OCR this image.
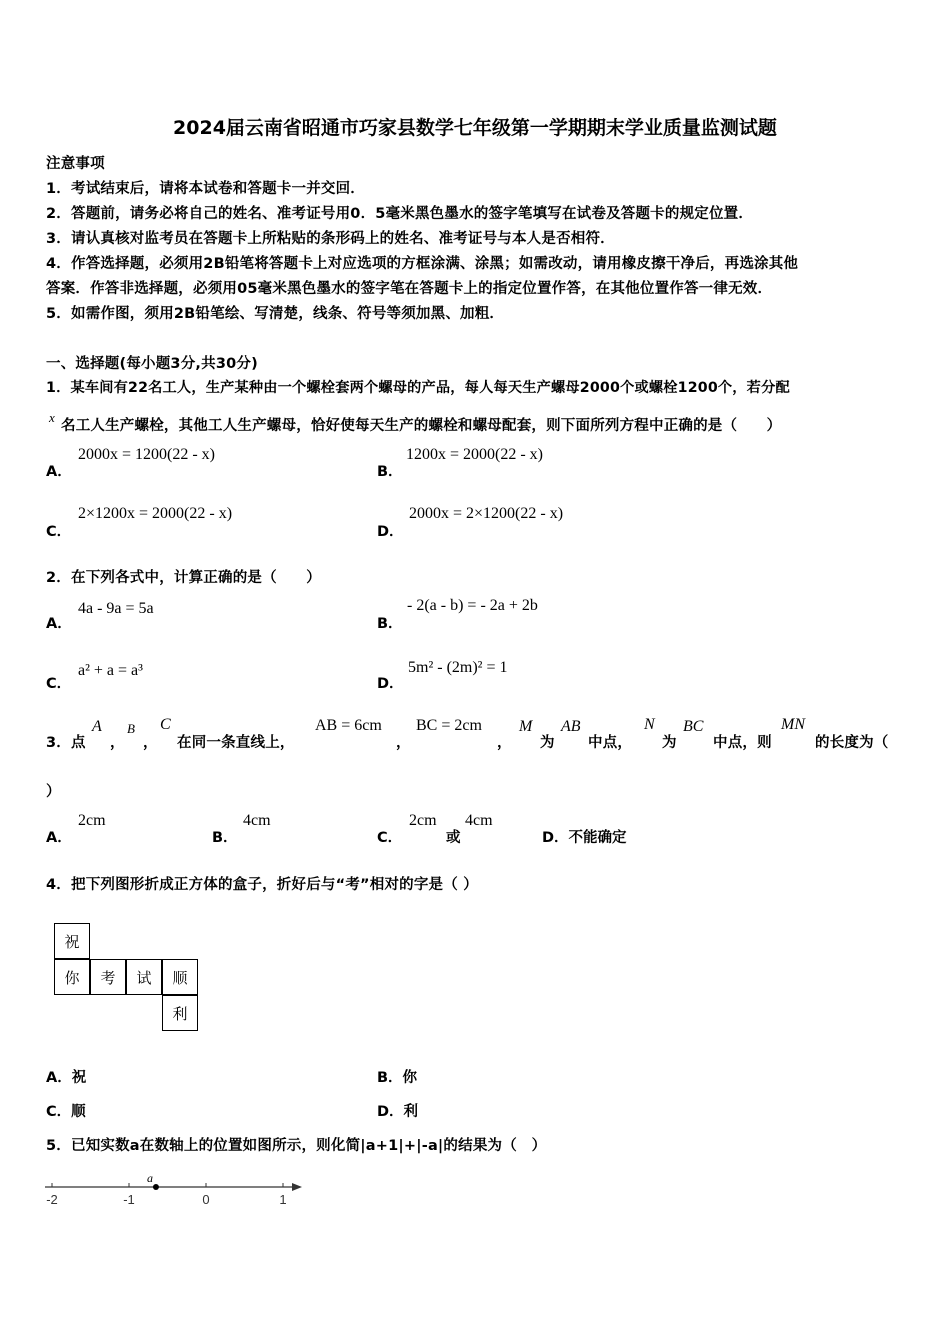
2024届云南省昭通市巧家县数学七年级第一学期期末学业质量监测试题
注意事项
1．考试结束后，请将本试卷和答题卡一并交回．
2．答题前，请务必将自己的姓名、准考证号用0．5毫米黑色墨水的签字笔填写在试卷及答题卡的规定位置．
3．请认真核对监考员在答题卡上所粘贴的条形码上的姓名、准考证号与本人是否相符．
4．作答选择题，必须用2B铅笔将答题卡上对应选项的方框涂满、涂黑；如需改动，请用橡皮擦干净后，再选涂其他
答案．作答非选择题，必须用05毫米黑色墨水的签字笔在答题卡上的指定位置作答，在其他位置作答一律无效．
5．如需作图，须用2B铅笔绘、写清楚，线条、符号等须加黑、加粗．
一、选择题(每小题3分,共30分)
1．某车间有22名工人，生产某种由一个螺栓套两个螺母的产品，每人每天生产螺母2000个或螺栓1200个，若分配
x
名工人生产螺栓，其他工人生产螺母，恰好使每天生产的螺栓和螺母配套，则下面所列方程中正确的是（　　）
A．
2000x = 1200(22 - x)
B．
1200x = 2000(22 - x)
C．
2×1200x = 2000(22 - x)
D．
2000x = 2×1200(22 - x)
2．在下列各式中，计算正确的是（　　）
A．
4a - 9a = 5a
B．
- 2(a - b) = - 2a + 2b
C．
a² + a = a³
D．
5m² - (2m)² = 1
3．点
A
，
B
，
C
在同一条直线上，
AB = 6cm
，
BC = 2cm
，
M
为
AB
中点，
N
为
BC
中点，则
MN
的长度为（
）
A．
2cm
B．
4cm
C．
2cm
或
4cm
D．不能确定
4．把下列图形折成正方体的盒子，折好后与“考”相对的字是（ ）
祝
你	考	试	顺
利
A．祝	B．你
C．顺	D．利
5．已知实数a在数轴上的位置如图所示，则化简|a+1|+|-a|的结果为（　）
-2	-1	0	1
a
